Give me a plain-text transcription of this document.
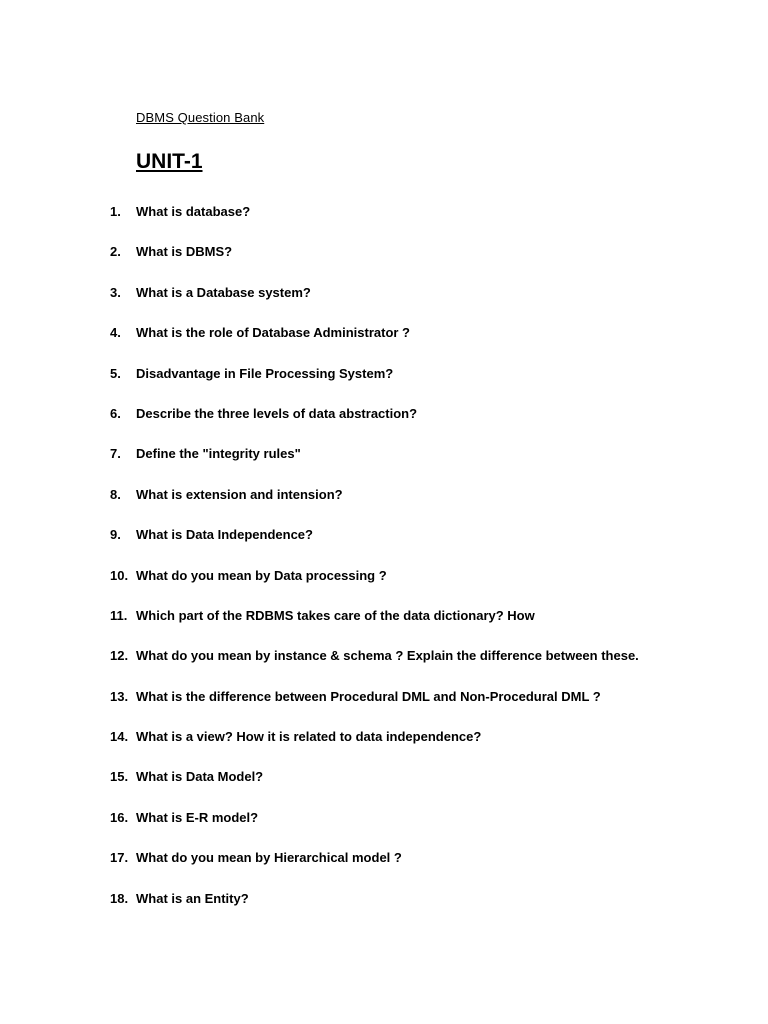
DBMS Question Bank
UNIT-1
1.	What is database?
2.	What is DBMS?
3.	What is a Database system?
4.	What is the role of Database Administrator ?
5.	Disadvantage in File Processing System?
6.	Describe the three levels of data abstraction?
7.	Define the "integrity rules"
8.	What is extension and intension?
9.	What is Data Independence?
10. What do you mean by Data processing ?
11. Which part of the RDBMS takes care of the data dictionary? How
12. What do you mean by instance & schema ? Explain the difference between these.
13. What is the difference between Procedural DML and Non-Procedural DML ?
14. What is a view? How it is related to data independence?
15. What is Data Model?
16. What is E-R model?
17. What do you mean by Hierarchical model ?
18. What is an Entity?
